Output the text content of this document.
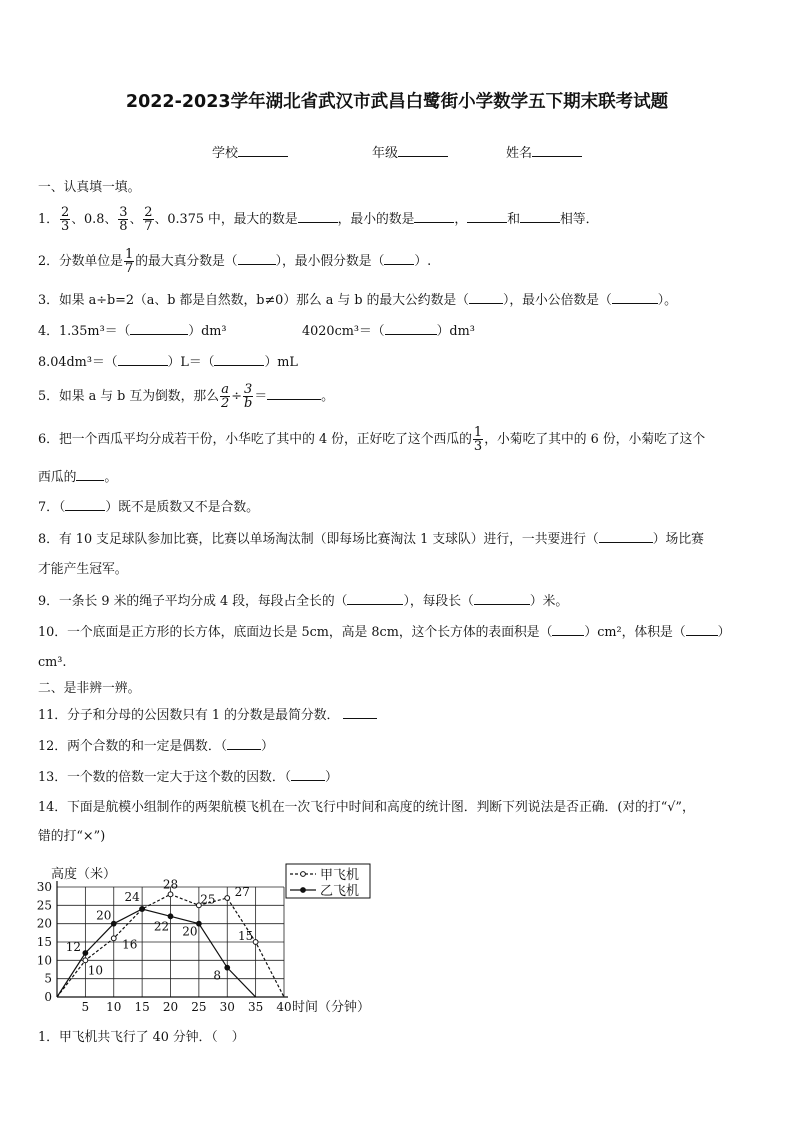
2022-2023学年湖北省武汉市武昌白鹭街小学数学五下期末联考试题
学校	年级	姓名
一、认真填一填。
1． $\frac{2}{3}$ 、0.8、 $\frac{3}{8}$ 、 $\frac{2}{7}$ 、0.375 中，最大的数是	，最小的数是	，	和	相等．
2．分数单位是 $\frac{1}{7}$ 的最大真分数是（	），最小假分数是（ ）.
3．如果 a÷b=2（a、b 都是自然数，b≠0）那么 a 与 b 的最大公约数是（	），最小公倍数是（	）。
4．1.35m³＝（	）dm³	4020cm³＝（	）dm³
8.04dm³＝（	）L＝（	）mL
5．如果 a 与 b 互为倒数，那么 $\frac{a}{2} \div \frac{3}{b}$ ＝	。
6．把一个西瓜平均分成若干份，小华吃了其中的 4 份，正好吃了这个西瓜的 $\frac{1}{3}$ ，小菊吃了其中的 6 份，小菊吃了这个
西瓜的 。
7．（	）既不是质数又不是合数。
8．有 10 支足球队参加比赛，比赛以单场淘汰制（即每场比赛淘汰 1 支球队）进行，一共要进行（	）场比赛
才能产生冠军。
9．一条长 9 米的绳子平均分成 4 段，每段占全长的（	），每段长（	）米。
10．一个底面是正方形的长方体，底面边长是 5cm，高是 8cm，这个长方体的表面积是（	）cm²，体积是（	）
cm³.
二、是非辨一辨。
11．分子和分母的公因数只有 1 的分数是最简分数．
12．两个合数的和一定是偶数．（	）
13．一个数的倍数一定大于这个数的因数．（	）
14．下面是航模小组制作的两架航模飞机在一次飞行中时间和高度的统计图．判断下列说法是否正确．(对的打“√”，
错的打“×”)
5 10 15 20 25 30 35 40
0
5
10
15
20
25
30
高度（米）
时间（分钟）
10
16
28
25
27
15
12
20
24
22 20
8
甲飞机
乙飞机
1．甲飞机共飞行了 40 分钟．（ ）
